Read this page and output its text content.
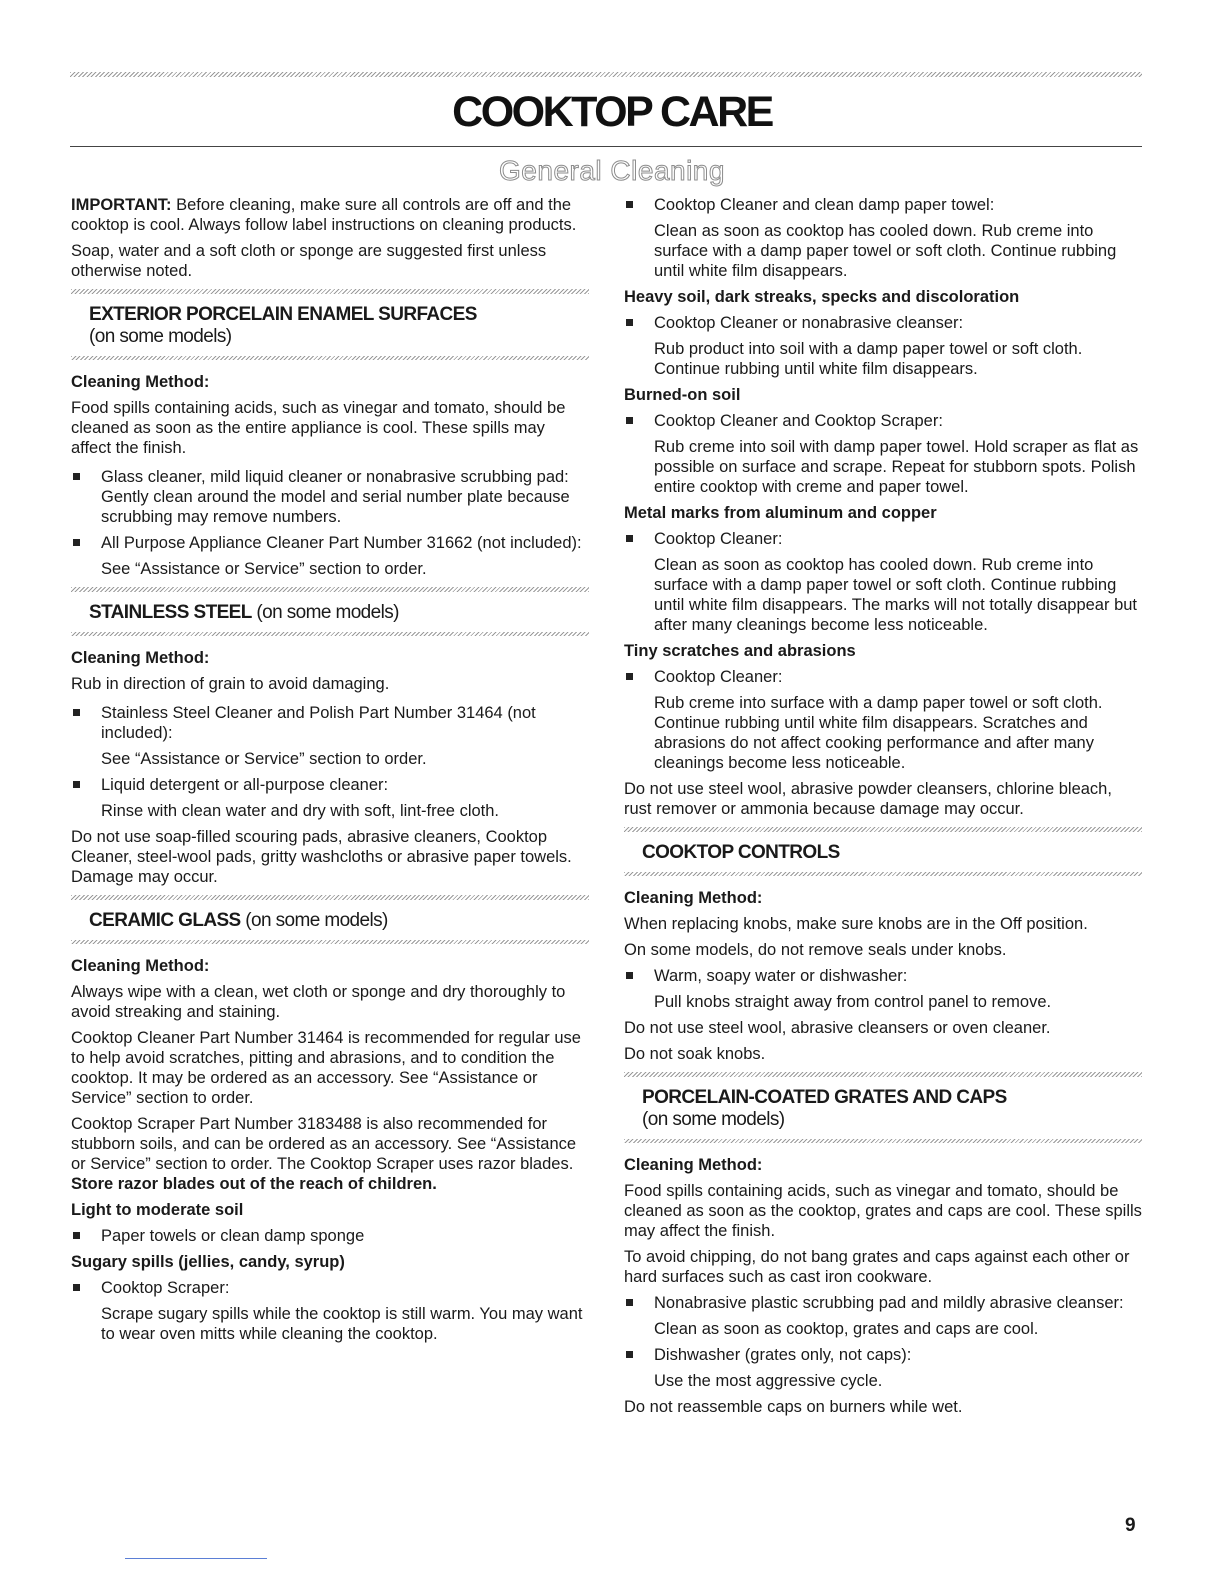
COOKTOP CARE
General Cleaning

IMPORTANT: Before cleaning, make sure all controls are off and the cooktop is cool. Always follow label instructions on cleaning products.

Soap, water and a soft cloth or sponge are suggested first unless otherwise noted.

EXTERIOR PORCELAIN ENAMEL SURFACES
(on some models)

Cleaning Method:

Food spills containing acids, such as vinegar and tomato, should be cleaned as soon as the entire appliance is cool. These spills may affect the finish.

Glass cleaner, mild liquid cleaner or nonabrasive scrubbing pad: Gently clean around the model and serial number plate because scrubbing may remove numbers.

All Purpose Appliance Cleaner Part Number 31662 (not included):

See “Assistance or Service” section to order.

STAINLESS STEEL (on some models)

Cleaning Method:

Rub in direction of grain to avoid damaging.

Stainless Steel Cleaner and Polish Part Number 31464 (not included):

See “Assistance or Service” section to order.

Liquid detergent or all-purpose cleaner:

Rinse with clean water and dry with soft, lint-free cloth.

Do not use soap-filled scouring pads, abrasive cleaners, Cooktop Cleaner, steel-wool pads, gritty washcloths or abrasive paper towels. Damage may occur.

CERAMIC GLASS (on some models)

Cleaning Method:

Always wipe with a clean, wet cloth or sponge and dry thoroughly to avoid streaking and staining.

Cooktop Cleaner Part Number 31464 is recommended for regular use to help avoid scratches, pitting and abrasions, and to condition the cooktop. It may be ordered as an accessory. See “Assistance or Service” section to order.

Cooktop Scraper Part Number 3183488 is also recommended for stubborn soils, and can be ordered as an accessory. See “Assistance or Service” section to order. The Cooktop Scraper uses razor blades. Store razor blades out of the reach of children.

Light to moderate soil

Paper towels or clean damp sponge

Sugary spills (jellies, candy, syrup)

Cooktop Scraper:

Scrape sugary spills while the cooktop is still warm. You may want to wear oven mitts while cleaning the cooktop.

Cooktop Cleaner and clean damp paper towel:

Clean as soon as cooktop has cooled down. Rub creme into surface with a damp paper towel or soft cloth. Continue rubbing until white film disappears.

Heavy soil, dark streaks, specks and discoloration

Cooktop Cleaner or nonabrasive cleanser:

Rub product into soil with a damp paper towel or soft cloth. Continue rubbing until white film disappears.

Burned-on soil

Cooktop Cleaner and Cooktop Scraper:

Rub creme into soil with damp paper towel. Hold scraper as flat as possible on surface and scrape. Repeat for stubborn spots. Polish entire cooktop with creme and paper towel.

Metal marks from aluminum and copper

Cooktop Cleaner:

Clean as soon as cooktop has cooled down. Rub creme into surface with a damp paper towel or soft cloth. Continue rubbing until white film disappears. The marks will not totally disappear but after many cleanings become less noticeable.

Tiny scratches and abrasions

Cooktop Cleaner:

Rub creme into surface with a damp paper towel or soft cloth. Continue rubbing until white film disappears. Scratches and abrasions do not affect cooking performance and after many cleanings become less noticeable.

Do not use steel wool, abrasive powder cleansers, chlorine bleach, rust remover or ammonia because damage may occur.

COOKTOP CONTROLS

Cleaning Method:

When replacing knobs, make sure knobs are in the Off position.

On some models, do not remove seals under knobs.

Warm, soapy water or dishwasher:

Pull knobs straight away from control panel to remove.

Do not use steel wool, abrasive cleansers or oven cleaner.

Do not soak knobs.

PORCELAIN-COATED GRATES AND CAPS
(on some models)

Cleaning Method:

Food spills containing acids, such as vinegar and tomato, should be cleaned as soon as the cooktop, grates and caps are cool. These spills may affect the finish.

To avoid chipping, do not bang grates and caps against each other or hard surfaces such as cast iron cookware.

Nonabrasive plastic scrubbing pad and mildly abrasive cleanser:

Clean as soon as cooktop, grates and caps are cool.

Dishwasher (grates only, not caps):

Use the most aggressive cycle.

Do not reassemble caps on burners while wet.

9
